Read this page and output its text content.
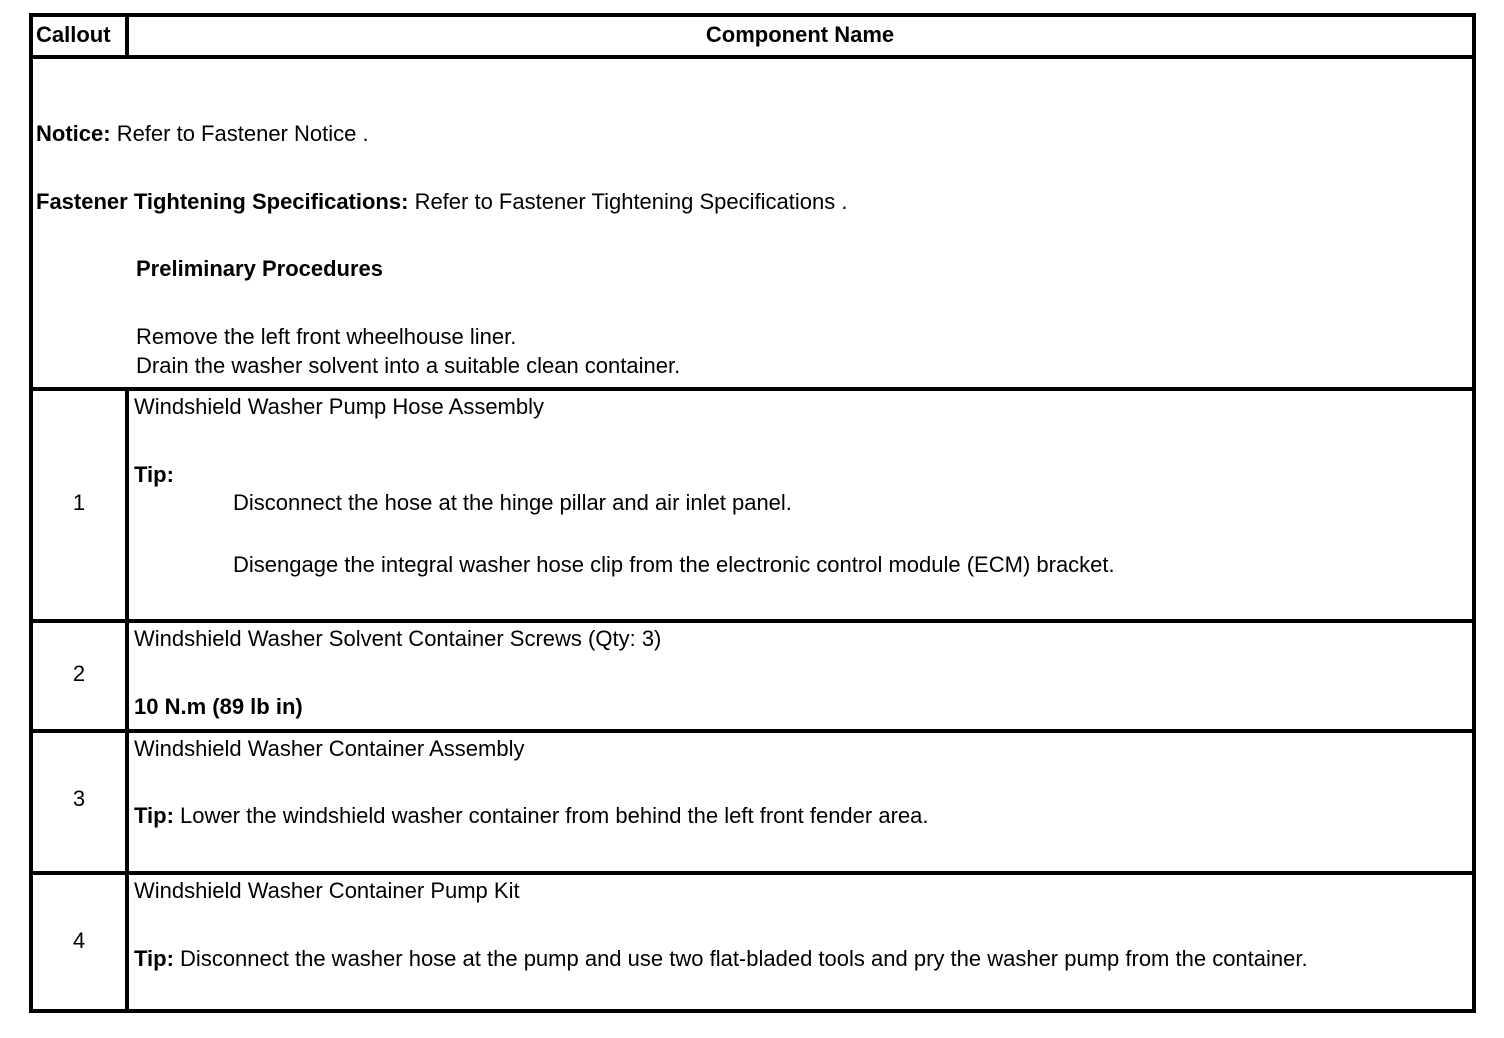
Callout	Component Name
Notice: Refer to Fastener Notice .
Fastener Tightening Specifications: Refer to Fastener Tightening Specifications .
Preliminary Procedures
Remove the left front wheelhouse liner.
Drain the washer solvent into a suitable clean container.
1
Windshield Washer Pump Hose Assembly
Tip:
Disconnect the hose at the hinge pillar and air inlet panel.
Disengage the integral washer hose clip from the electronic control module (ECM) bracket.
2
Windshield Washer Solvent Container Screws (Qty: 3)
10 N.m (89 lb in)
3
Windshield Washer Container Assembly
Tip: Lower the windshield washer container from behind the left front fender area.
4
Windshield Washer Container Pump Kit
Tip: Disconnect the washer hose at the pump and use two flat-bladed tools and pry the washer pump from the container.
